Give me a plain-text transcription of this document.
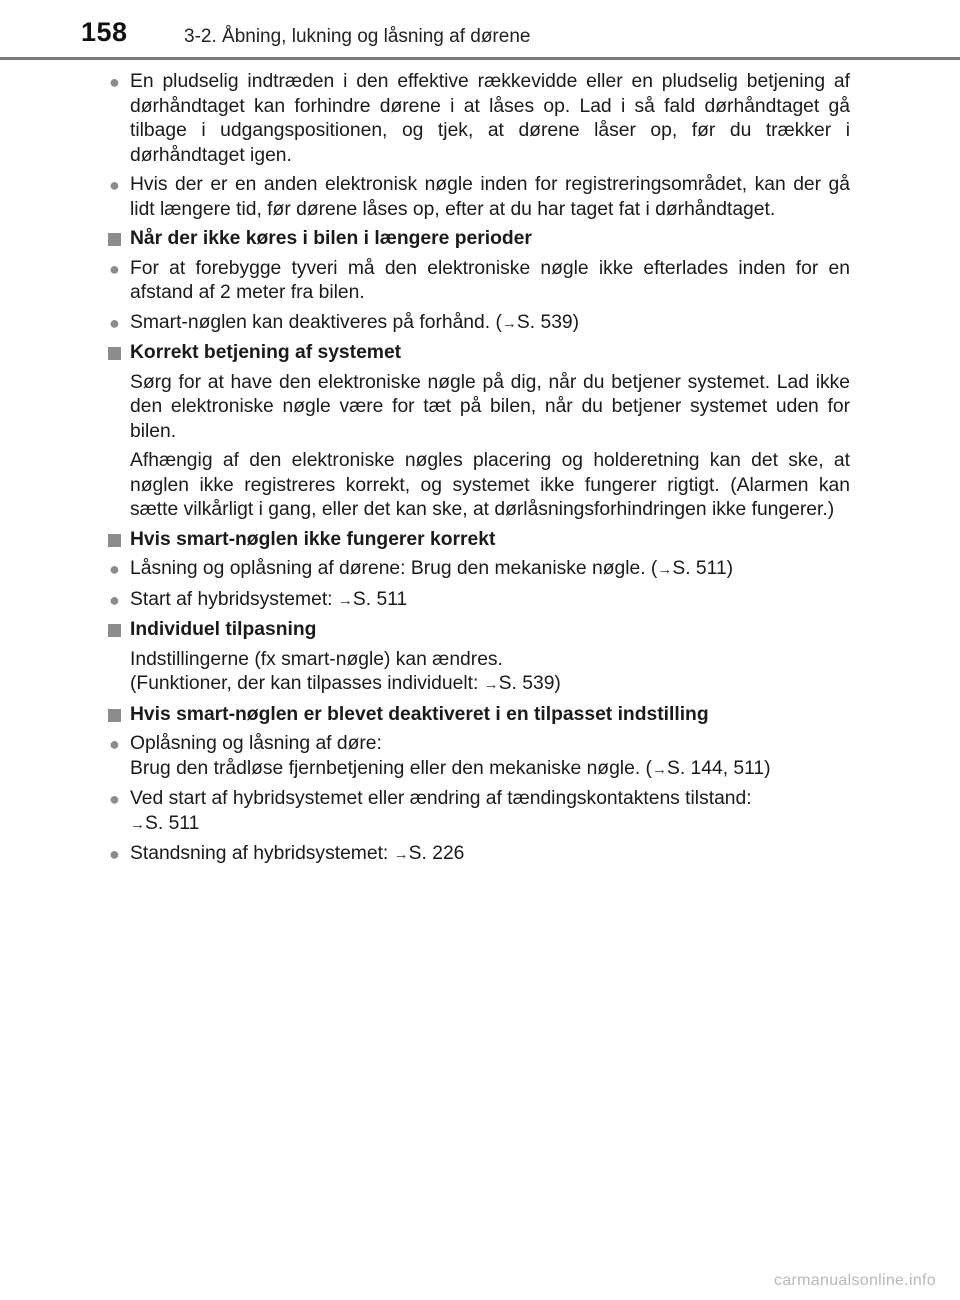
158	3-2. Åbning, lukning og låsning af dørene
● En pludselig indtræden i den effektive rækkevidde eller en pludselig betjening af dørhåndtaget kan forhindre dørene i at låses op. Lad i så fald dørhåndtaget gå tilbage i udgangspositionen, og tjek, at dørene låser op, før du trækker i dørhåndtaget igen.
● Hvis der er en anden elektronisk nøgle inden for registreringsområdet, kan der gå lidt længere tid, før dørene låses op, efter at du har taget fat i dørhåndtaget.
Når der ikke køres i bilen i længere perioder
● For at forebygge tyveri må den elektroniske nøgle ikke efterlades inden for en afstand af 2 meter fra bilen.
● Smart-nøglen kan deaktiveres på forhånd. (→S. 539)
Korrekt betjening af systemet
Sørg for at have den elektroniske nøgle på dig, når du betjener systemet. Lad ikke den elektroniske nøgle være for tæt på bilen, når du betjener systemet uden for bilen.
Afhængig af den elektroniske nøgles placering og holderetning kan det ske, at nøglen ikke registreres korrekt, og systemet ikke fungerer rigtigt. (Alarmen kan sætte vilkårligt i gang, eller det kan ske, at dørlåsningsforhindringen ikke fungerer.)
Hvis smart-nøglen ikke fungerer korrekt
● Låsning og oplåsning af dørene: Brug den mekaniske nøgle. (→S. 511)
● Start af hybridsystemet: →S. 511
Individuel tilpasning
Indstillingerne (fx smart-nøgle) kan ændres.
(Funktioner, der kan tilpasses individuelt: →S. 539)
Hvis smart-nøglen er blevet deaktiveret i en tilpasset indstilling
● Oplåsning og låsning af døre:
Brug den trådløse fjernbetjening eller den mekaniske nøgle. (→S. 144, 511)
● Ved start af hybridsystemet eller ændring af tændingskontaktens tilstand:
→S. 511
● Standsning af hybridsystemet: →S. 226
carmanualsonline.info
